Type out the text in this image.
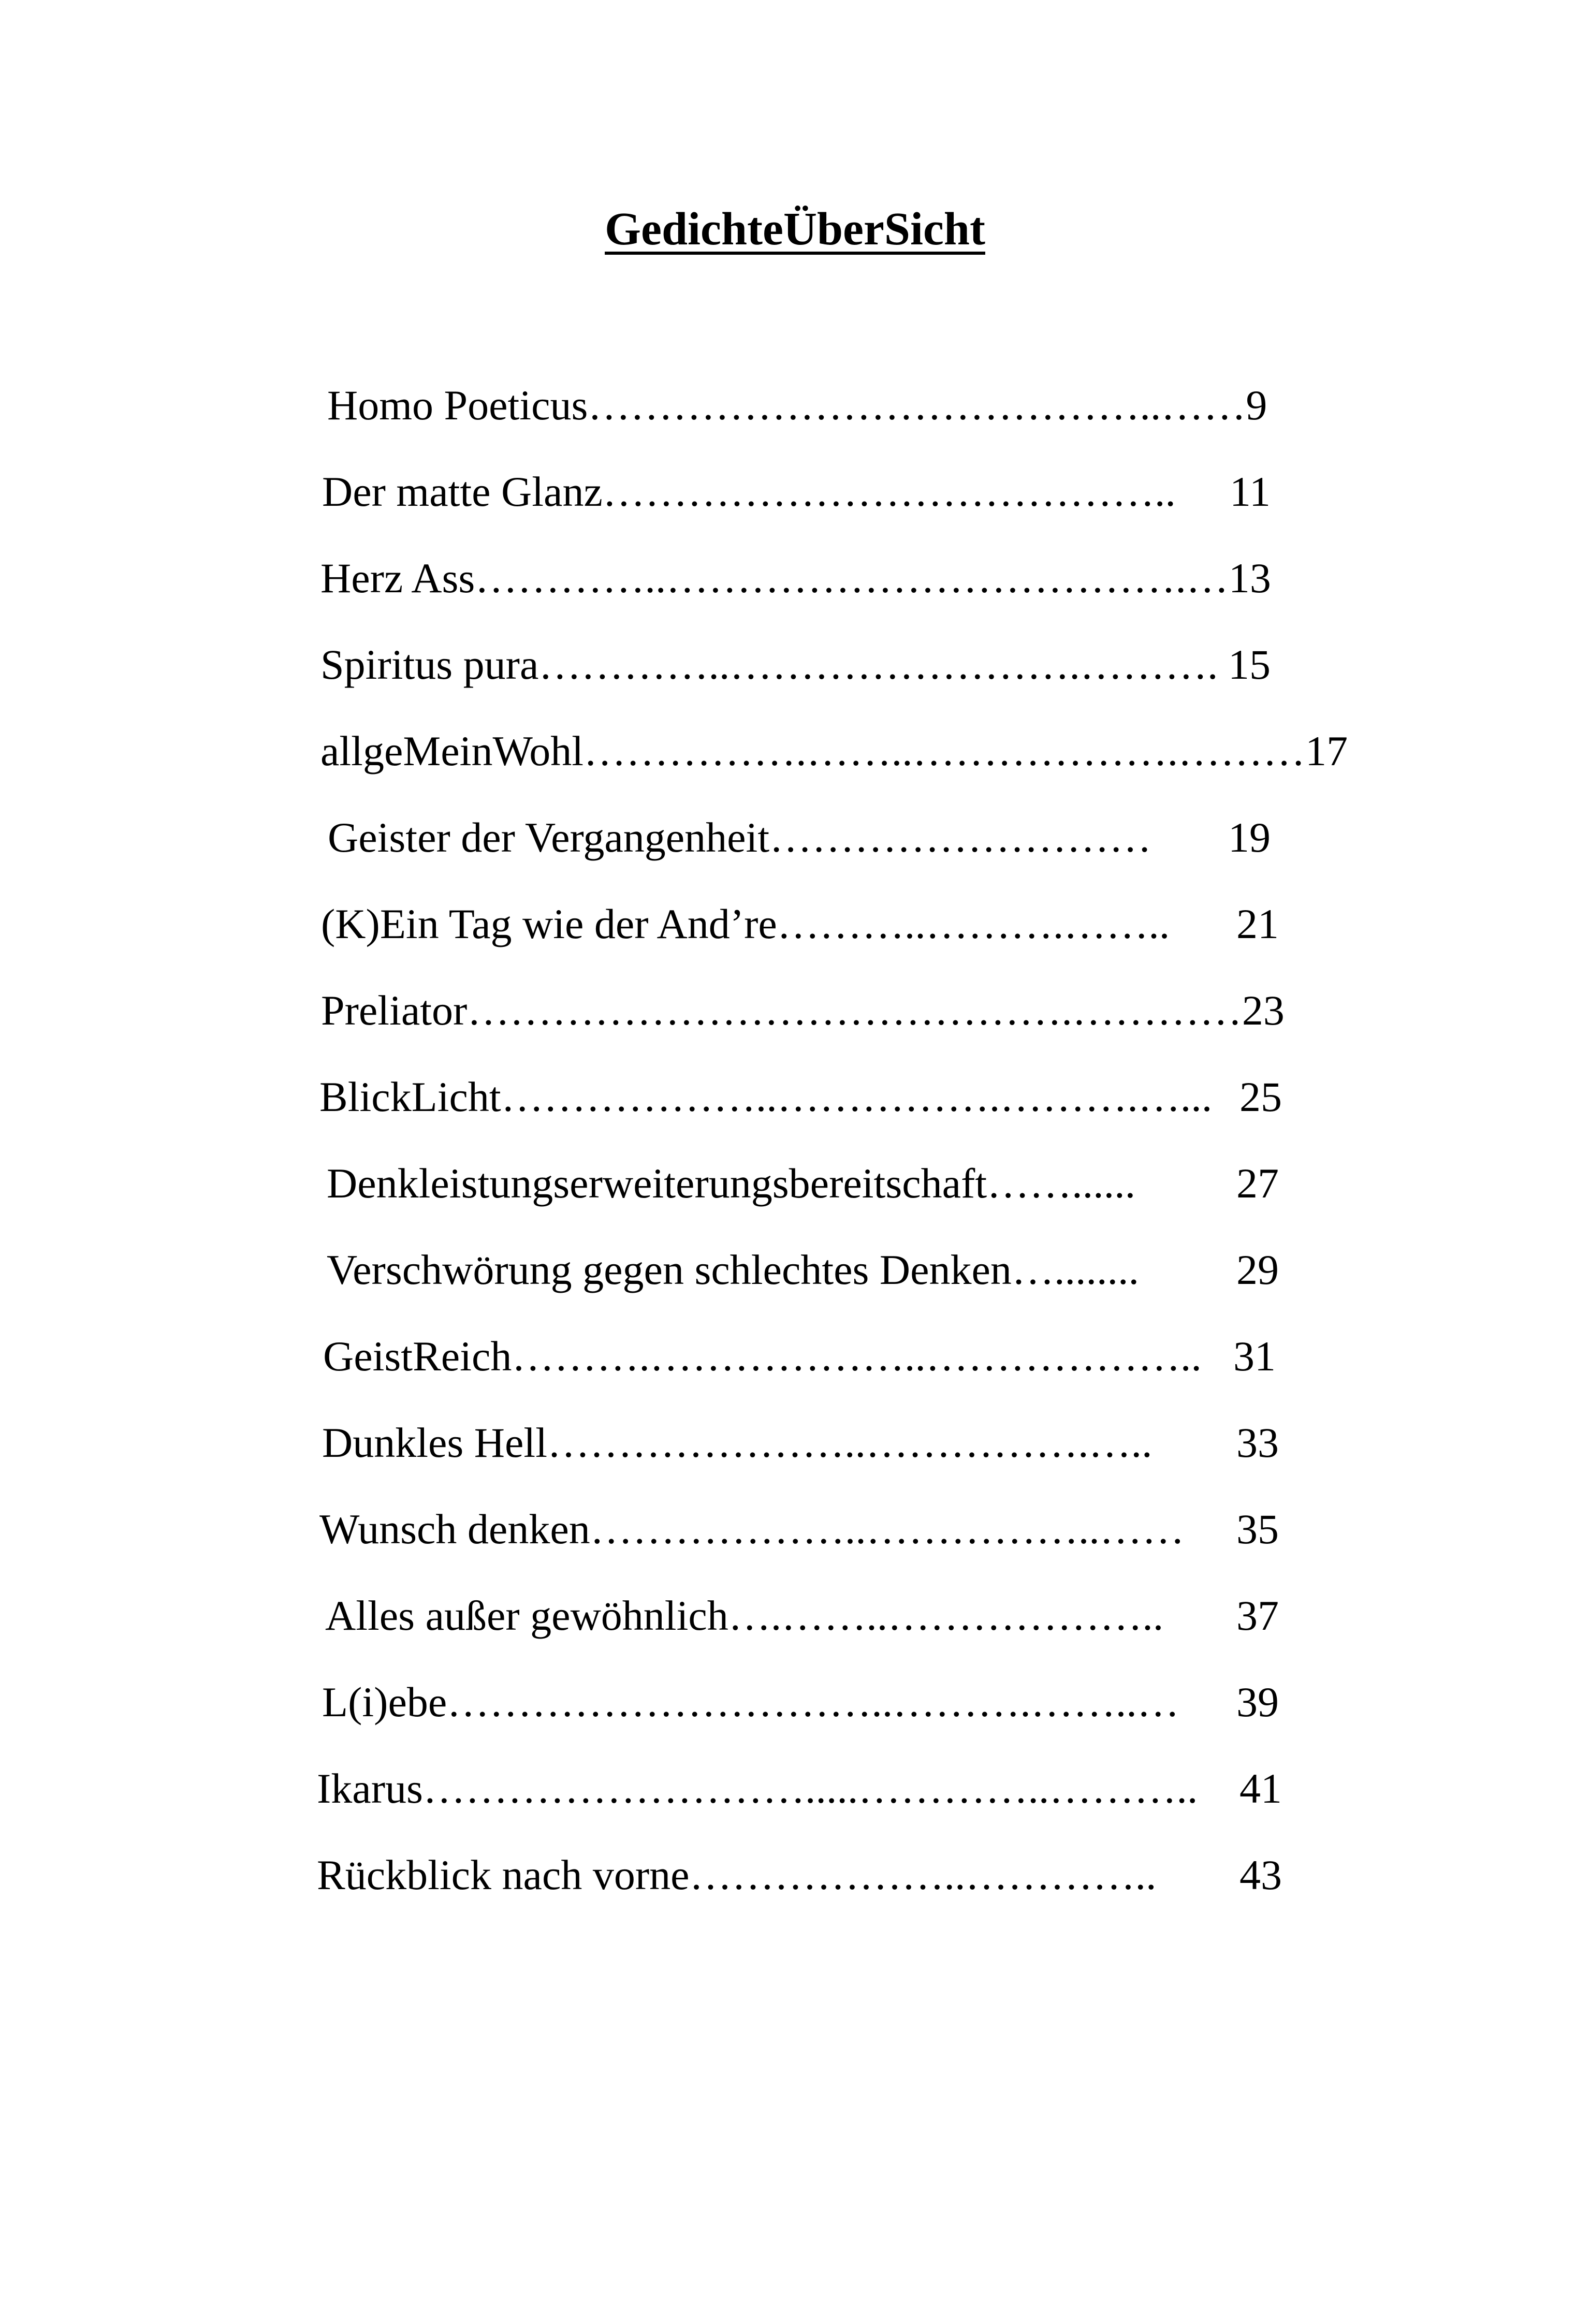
GedichteÜberSicht
Homo Poeticus …………………………………..…… 9
Der matte Glanz …………………………………..	11
Herz Ass …………..……………………………….… 13
Spiritus pura …………..…………………….………. 15
allgeMeinWohl …………….……..……………….……… 17
Geister der Vergangenheit ………………………	19
(K)Ein Tag wie der And’re ………..……….……..	21
Preliator …………………………………….………… 23
BlickLicht ………………..…………….……….…... 25
Denkleistungserweiterungsbereitschaft ……......	27
Verschwörung gegen schlechtes Denken …........	29
GeistReich ……….………………..……………….. 31
Dunkles Hell …………………..…………….…..	33
Wunsch denken ………………..……………..……	35
Alles außer gewöhnlich ….……..………………..	37
L(i)ebe …………………………..……….……..…	39
Ikarus ……………………….....…………..……….. 41
Rückblick nach vorne ………………..…………..	43
